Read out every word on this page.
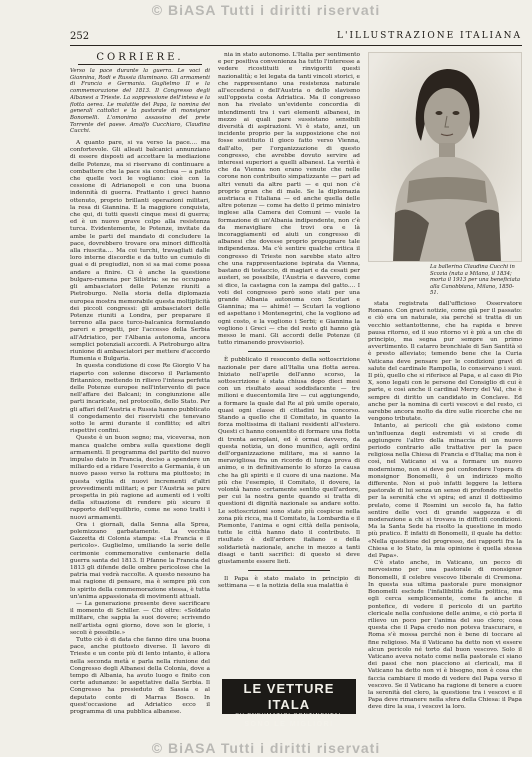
© BiASA Tutti i diritti riservati
252	L'ILLUSTRAZIONE ITALIANA
CORRIERE.
Verso la pace durante la guerra. Le voci di Giannina, Rodi e Russia illuminano. Gli armamenti di Francia e Germania. Guglielmo II e la commemorazione del 1813. Il Congresso degli Albanesi a Trieste. La soppressione dell'intesa e la flotta aerea. Le malattie del Papa, la nomina dei generali cattolici e la pastorale di monsignor Bonomelli. L'omonimo assassino del prete Torrente del paese. Amalfo Cucchiaro, Claudina Cucchi.

A quanto pare, si va verso la pace.... ma confortevole. Gli alleati balcanici annunziano di essere disposti ad accettare la mediazione delle Potenze, ma si riservano di continuare a combattere che la pace sia conclusa — a patto che quelle voci le vogliano: cioè con la cessione di Adrianopoli e con una buona indennità di guerra. Frattanto i greci hanno ottenuto, proprio brillanti operazioni militari, la resa di Giannina. E la maggiore conquista, che qui, di tutti questi cinque mesi di guerra; ed è un nuovo grave colpo alla resistenza turca. Evidentemente, le Potenze, invitate da ambe le parti del mandato di concludere la pace, dovrebbero trovare ora minori difficoltà alla riuscita.... Ma coi turchi, travagliati dalle loro interne discordie e da tutto un cumulo di guai e di pregiudizi, non si sa mai come possa andare a finire. Ci è anche la questione bulgaro-rumena per Silistria: se ne occupano gli ambasciatori delle Potenze riuniti a Pietroburgo. Nella storia della diplomazia europea mostra memorabile questa moltiplicità dei piccoli congressi: gli ambasciatori delle Potenze riuniti a Londra, per preparare il terreno alla pace turco-balcanica formulando pareri e progetti, per l'accesso della Serbia all'Adriatico, per l'Albania autonoma, ancora semplici potenziali accordi. A Pietroburgo altra riunione di ambasciatori per mettere d'accordo Rumenia e Bulgaria.

In questa condizione di cose Re Giorgio V ha riaperto con solenne discorso il Parlamento Britannico, mettendo in rilievo l'intesa perfetta delle Potenze europee nell'intervento di pace nell'affare dei Balcani; in congiunzione alle parti incaricate, nel protocollo, dello Stato. Per gli affari dell'Austria e Russia hanno pubblicato il congedamento dei riservisti che tenevano sotto le armi durante il conflitto; ed altri rispettivi confini.

Queste è un buon segno; ma, viceversa, non manca qualche ombra sulla questione degli armamenti. Il programma del partito del nuovo impulso dato in Francia, deciso a spendere un miliardo ed a ridare l'esercito a Germania, è un nuovo passo verso la rottura ma piuttosto; in questa vigilia di nuovi incrementi d'altri provvedimenti militari; e per l'Austria se pure prospetta in più ragione ad aumenti ed i volti della situazione di rendere più sicuro il rapporto dell'equilibrio, come ne sono tratti i nuovi armamenti.

Ora i giornali, dalla Senna alla Sprea, polemizzano garbatamente. La vecchia Gazzetta di Colonia stampa: «La Francia e il pericolo». Guglielmo, umiliando la serie delle cerimonie commemorative centenarie della guerra santa del 1813. Il Pfanne la Francia del 1813 gli difende delle ombre pericolose che la patria mai vedrà raccolte. A questo nessuno ha mai ragione di pensare, ma è sempre più con lo spirito della commemorazione stessa, è tutta un'anima appassionata di movimenti attuali.

— La generazione presente deve sacrificare il momento di Schiller. — Chi oltre: «Soldato militare, che sappia la suoi dovere; scrivendo nell'artista ogni giorno, dove son le glorie, i secoli è possibile.»

Tutto ciò è di data che fanno dire una buona pace, anche piuttosto diverse. Il lavoro di Trieste e un conte più di lento intanto, è allora nella seconda metà e parla nella riunione del Congresso degli Albanesi della Colonia, dove a tempo di Albania, ha avuto luogo e finito con certe adunanze: le aspettative dalla Serbia. Il Congresso ha presieduto di Sassia e al deputato conte di Marras Bosco. In quest'occasione ad Adriatico ecco il programma di una pubblica albanese.

nia in stato autonomo. L'Italia per sentimento e per positiva convenienza ha tutto l'interesse a vedere ricostituiti e rinvigoriti questi nazionalità; e lei legata da tanti vincoli storici, e che rappresentano una resistenza naturale all'eccedersi o dell'Austria o dello slavismo sull'opposta costa Adriatica. Ma il congresso non ha rivelato un'evidente concordia di intendimenti tra i vari elementi albanesi, in mezzo ai quali pare sussistano sensibili diversità di aspirazioni. Vi è stato, anzi, un incidente proprio per la supposizione che noi fosse sostituito il gioco fatto verso Vienna, dall'alto, per l'organizzazione di questo congresso, che avrebbe dovuto servire ad interessi superiori a quelli albanesi. La verità è che da Vienna non erano venute che nelle corone non contribuito simpatizzante — pari ad altri venuti da altre parti — e qui non c'è proprio gran che di male. Se la diplomazia austriaca e l'italiana — ed anche quella delle altre potenze — come ha detto il primo ministro inglese alla Camera dei Comuni — vuole la formazione di un'Albania indipendente, non c'è da meravigliare che trovi ora e là incoraggiamenti ed aiuti un congresso di albanesi che dovesse proprio propugnare tale indipendenza. Ma c'è sentire qualche critica il congresso di Trieste non sarebbe stato altro che una rappresentazione ispirata da Vienna, bastano di testaccio, di magiari e da cesati per austeri, se possibile, l'Austria e davvero, come si dice, la castagna con la zampa del gatto.... I voti del congresso però sono stati per una grande Albania autonoma con Scutari e Giannina; ma — ahimè! — Scutari la vogliono ed aspettano i Montenegrini, che la vogliono ad ogni costo, e la vogliono i Serbi; e Giannina la vogliono i Greci — che del resto gli hanno già messo le mani. Gli accordi delle Potenze (il tutto rimanendo provvisorio).

È pubblicato il resoconto della sottoscrizione nazionale per dare all'Italia una flotta aerea. Iniziato nell'aprile dell'anno scorso, la sottoscrizione è stata chiusa dopo dieci mesi con un risultato assai soddisfacente — tre milioni e duecentomila lire — cui aggiungendo, a formare la quale dal Re al più umile operaio, quasi ogni classe di cittadini ha concorso. Stando a quello che il Comitato, in quanto la forza moltissima di italiani residenti all'estero. Questi ci hanno consentito di formare una flotta di trenta aeroplani, ed è ormai davvero, da questa notizia, un dono munifico, agli ordini dell'organizzazione militare, ma si sanno la meravigliosa fra un ricordo di lunga prova di animo, e in definitivamente lo sforzo la causa che ha gli spiriti e il cuore di una nazione. Ma più che l'esempio, il Comitato, il dovere, la volontà hanno certamente sentito quell'ardore, per cui la nostra gente quando si tratta di questioni di dignità nazionale sa andare sotto. Le sottoscrizioni sono state più cospicue nella zona più ricca, ma il Comitato, la Lombardia e il Piemonte, l'anima e ogni città della penisola, tutte le città hanno dato il contributo. Il risultato è dell'ardore italiano e della solidarietà nazionale, anche in mezzo a tanti disagi e tanti sacrifici: di questo si deve giustamente essere lieti.

Il Papa è stato malato in principio di settimana — e la notizia della sua malattia è

LE VETTURE ITALA
SU PNEUMATICI CONTINENTAL
SONO LE MIGLIORI
La ballerina Claudina Cucchi in Scozia (nata a Milano, il 1834; morta il 1913 per una beneficiata alla Canobbiana, Milano, 1850-51.

stata registrata dall'ufficioso Osservatore Romano. Con gravi notizie, come già per il passato: e ciò era un naturale, sia perché si tratta di un vecchio settantottenne, che ha rapida e breve pausa ritorno, ed il suo ritorno vi è più a un che di principio, ma segna pur sempre un primo avvertimento. Il catarro bronchiale di San Santità si è presto alleviato; temendo bene che la Curia Vaticana deve pensare per le condizioni gravi di salute del cardinale Rampolla, lo conservano i suoi. Il più, quello che si riferisce al Papa, e al caso di Pio X, sono legati con le persone del Consiglio di cui è parte, e così anche il cardinal Merry del Val, che è sempre di diritto un candidato in Conclave. Ed anche per la nomina di certi vescovi e del resto, ci sarebbe ancora molto da dire sulle ricerche che ne vengono tributate.

Intanto, ai pericoli che già esistono come un'influenza degli estremisti vi si crede di aggiungere l'altro della minaccia di un nuovo periodo contrario alle trattative per la pace religiosa nella Chiesa di Francia e d'Italia; ma non è così, nel Vaticano si va a formare un nuovo modernismo, non si deve poi confondere l'opera di monsignor Bonomelli, è un indirizzo molto differente. Non si può infatti leggere la lettera pastorale di lui senza un senso di profondo rispetto per la serenità che vi spira; ed anzi il dottissimo prelato, come il Rosmini un secolo fa, ha fatto sentire delle voci di grande saggezza e di moderazione a chi si trovava in difficili condizioni. Ma la Santa Sede ha risolto la questione in modo più pratico. È infatti di Bonomelli, il quale ha detto: «Nella questione del progresso, dei rapporti fra la Chiesa e lo Stato, la mia opinione è quella stessa del Papa».

C'è stato anche, in Vaticano, un pecco di nervosismo per una pastorale di monsignor Bonomelli, il celebre vescovo liberale di Cremona. In questa sua ultima pastorale pure monsignor Bonomelli esclude l'infallibilità della politica, ma egli cerca semplicemente, come fa anche il pontefice, di vedere il pericolo di un partito clericale nella confusione delle anime, e ciò porta il rilievo un poco per l'anima del suo clero; cosa questa che il Papa credo non poteva trascurare, e Roma s'è mossa perché non è bene di toccare al fine religioso. Ma il Vaticano ha detto non vi essere alcun pericolo né torto dal buon vescovo. Solo il Vaticano aveva notato come nella pastorale ci siano dei passi che non piacciono ai clericali, ma il Vaticano ha detto non vi è bisogno, non è cosa che faccia cambiare il modo di vedere del Papa verso il vescovo. Se il Vaticano ha ragione di tenere a cuore la serenità del clero, la questione tra i vescovi e il Papa deve rimanere nella sfera della Chiesa: il Papa deve dire la sua, i vescovi la loro.

© BiASA Tutti i diritti riservati
